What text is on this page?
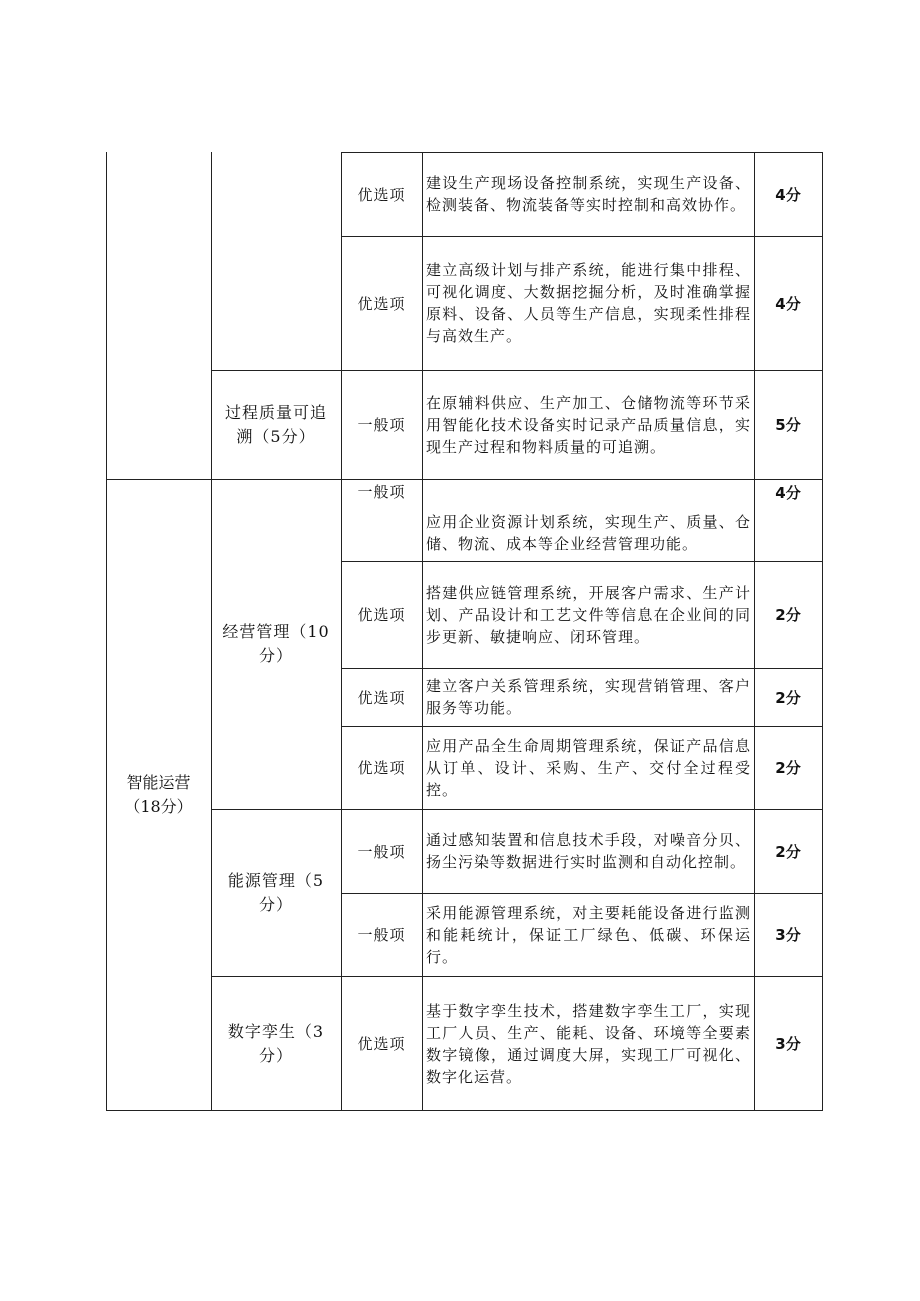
智能运营（18分）
过程质量可追溯（5分）
经营管理（10分）
能源管理（5分）
数字孪生（3分）
优选项
建设生产现场设备控制系统，实现生产设备、检测装备、物流装备等实时控制和高效协作。
4分
优选项
建立高级计划与排产系统，能进行集中排程、可视化调度、大数据挖掘分析，及时准确掌握原料、设备、人员等生产信息，实现柔性排程与高效生产。
4分
一般项
在原辅料供应、生产加工、仓储物流等环节采用智能化技术设备实时记录产品质量信息，实现生产过程和物料质量的可追溯。
5分
一般项
应用企业资源计划系统，实现生产、质量、仓储、物流、成本等企业经营管理功能。
4分
优选项
搭建供应链管理系统，开展客户需求、生产计划、产品设计和工艺文件等信息在企业间的同步更新、敏捷响应、闭环管理。
2分
优选项
建立客户关系管理系统，实现营销管理、客户服务等功能。
2分
优选项
应用产品全生命周期管理系统，保证产品信息从订单、设计、采购、生产、交付全过程受控。
2分
一般项
通过感知装置和信息技术手段，对噪音分贝、扬尘污染等数据进行实时监测和自动化控制。
2分
一般项
采用能源管理系统，对主要耗能设备进行监测和能耗统计，保证工厂绿色、低碳、环保运行。
3分
优选项
基于数字孪生技术，搭建数字孪生工厂，实现工厂人员、生产、能耗、设备、环境等全要素数字镜像，通过调度大屏，实现工厂可视化、数字化运营。
3分
